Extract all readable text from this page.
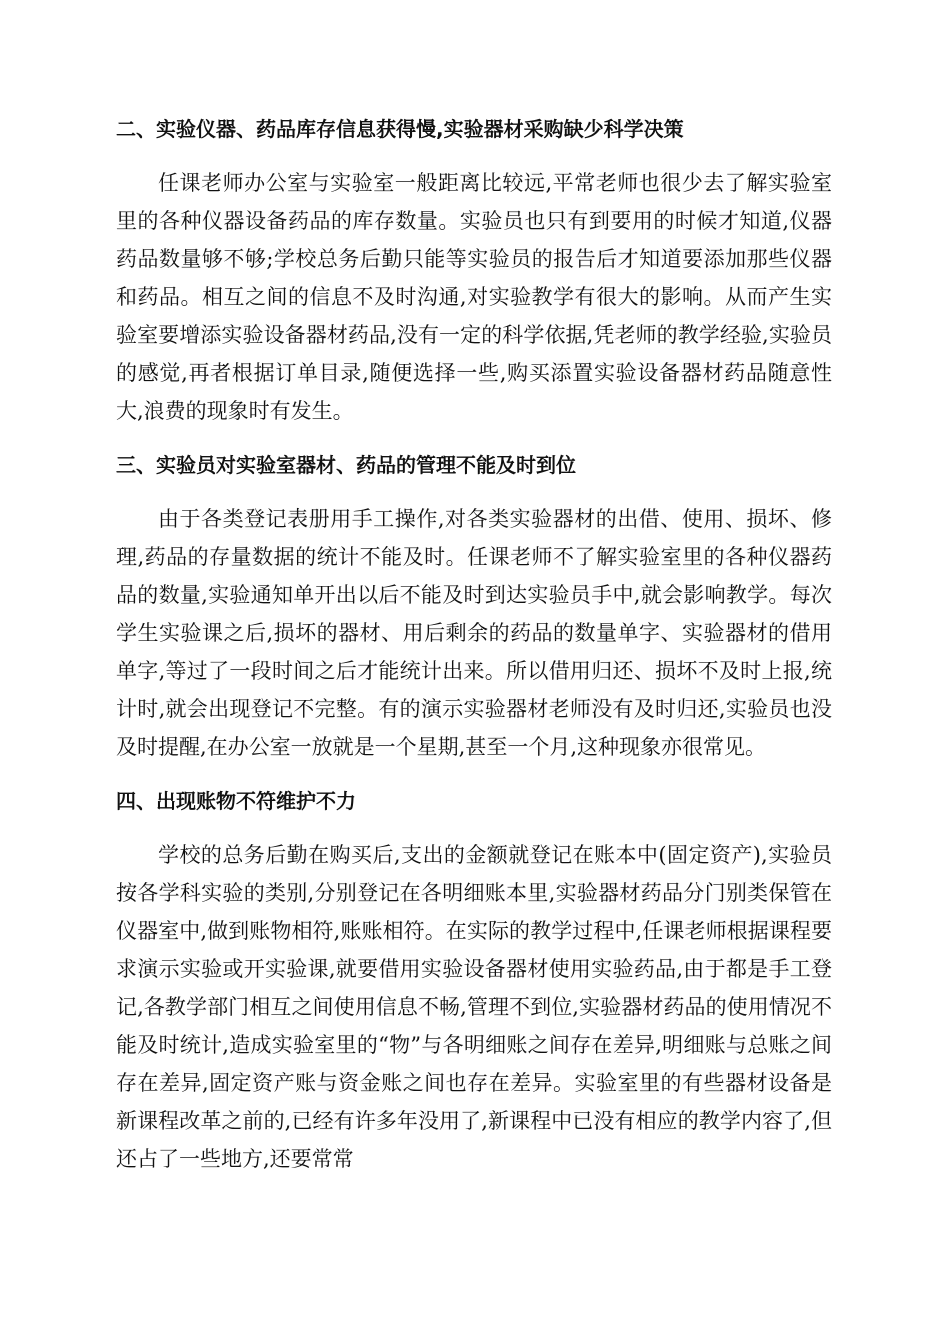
二、实验仪器、药品库存信息获得慢,实验器材采购缺少科学决策

任课老师办公室与实验室一般距离比较远,平常老师也很少去了解实验室里的各种仪器设备药品的库存数量。实验员也只有到要用的时候才知道,仪器药品数量够不够;学校总务后勤只能等实验员的报告后才知道要添加那些仪器和药品。相互之间的信息不及时沟通,对实验教学有很大的影响。从而产生实验室要增添实验设备器材药品,没有一定的科学依据,凭老师的教学经验,实验员的感觉,再者根据订单目录,随便选择一些,购买添置实验设备器材药品随意性大,浪费的现象时有发生。

三、实验员对实验室器材、药品的管理不能及时到位

由于各类登记表册用手工操作,对各类实验器材的出借、使用、损坏、修理,药品的存量数据的统计不能及时。任课老师不了解实验室里的各种仪器药品的数量,实验通知单开出以后不能及时到达实验员手中,就会影响教学。每次学生实验课之后,损坏的器材、用后剩余的药品的数量单字、实验器材的借用单字,等过了一段时间之后才能统计出来。所以借用归还、损坏不及时上报,统计时,就会出现登记不完整。有的演示实验器材老师没有及时归还,实验员也没及时提醒,在办公室一放就是一个星期,甚至一个月,这种现象亦很常见。

四、出现账物不符维护不力

学校的总务后勤在购买后,支出的金额就登记在账本中(固定资产),实验员按各学科实验的类别,分别登记在各明细账本里,实验器材药品分门别类保管在仪器室中,做到账物相符,账账相符。在实际的教学过程中,任课老师根据课程要求演示实验或开实验课,就要借用实验设备器材使用实验药品,由于都是手工登记,各教学部门相互之间使用信息不畅,管理不到位,实验器材药品的使用情况不能及时统计,造成实验室里的“物”与各明细账之间存在差异,明细账与总账之间存在差异,固定资产账与资金账之间也存在差异。实验室里的有些器材设备是新课程改革之前的,已经有许多年没用了,新课程中已没有相应的教学内容了,但还占了一些地方,还要常常
